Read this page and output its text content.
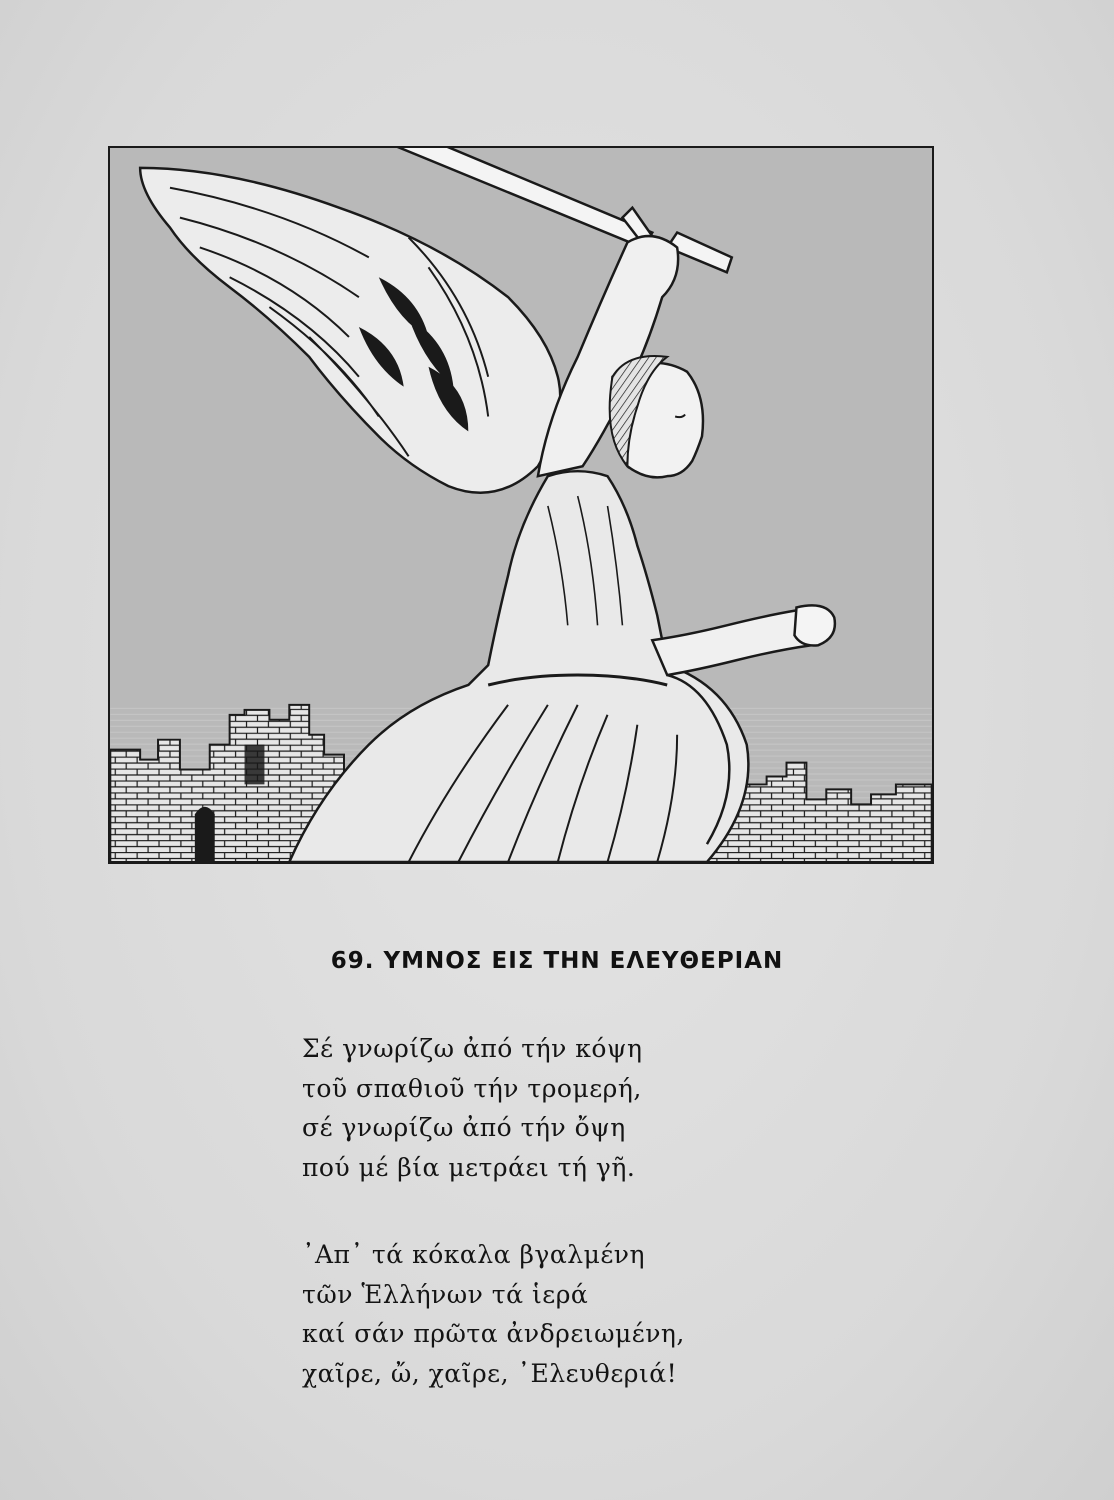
69. ΥΜΝΟΣ ΕΙΣ ΤΗΝ ΕΛΕΥΘΕΡΙΑΝ
Σέ γνωρίζω ἀπό τήν κόψη
τοῦ σπαθιοῦ τήν τρομερή,
σέ γνωρίζω ἀπό τήν ὄψη
πού μέ βία μετράει τή γῆ.
᾿Απ᾿ τά κόκαλα βγαλμένη
τῶν Ἑλλήνων τά ἱερά
καί σάν πρῶτα ἀνδρειωμένη,
χαῖρε, ὤ, χαῖρε, ᾿Ελευθεριά!
